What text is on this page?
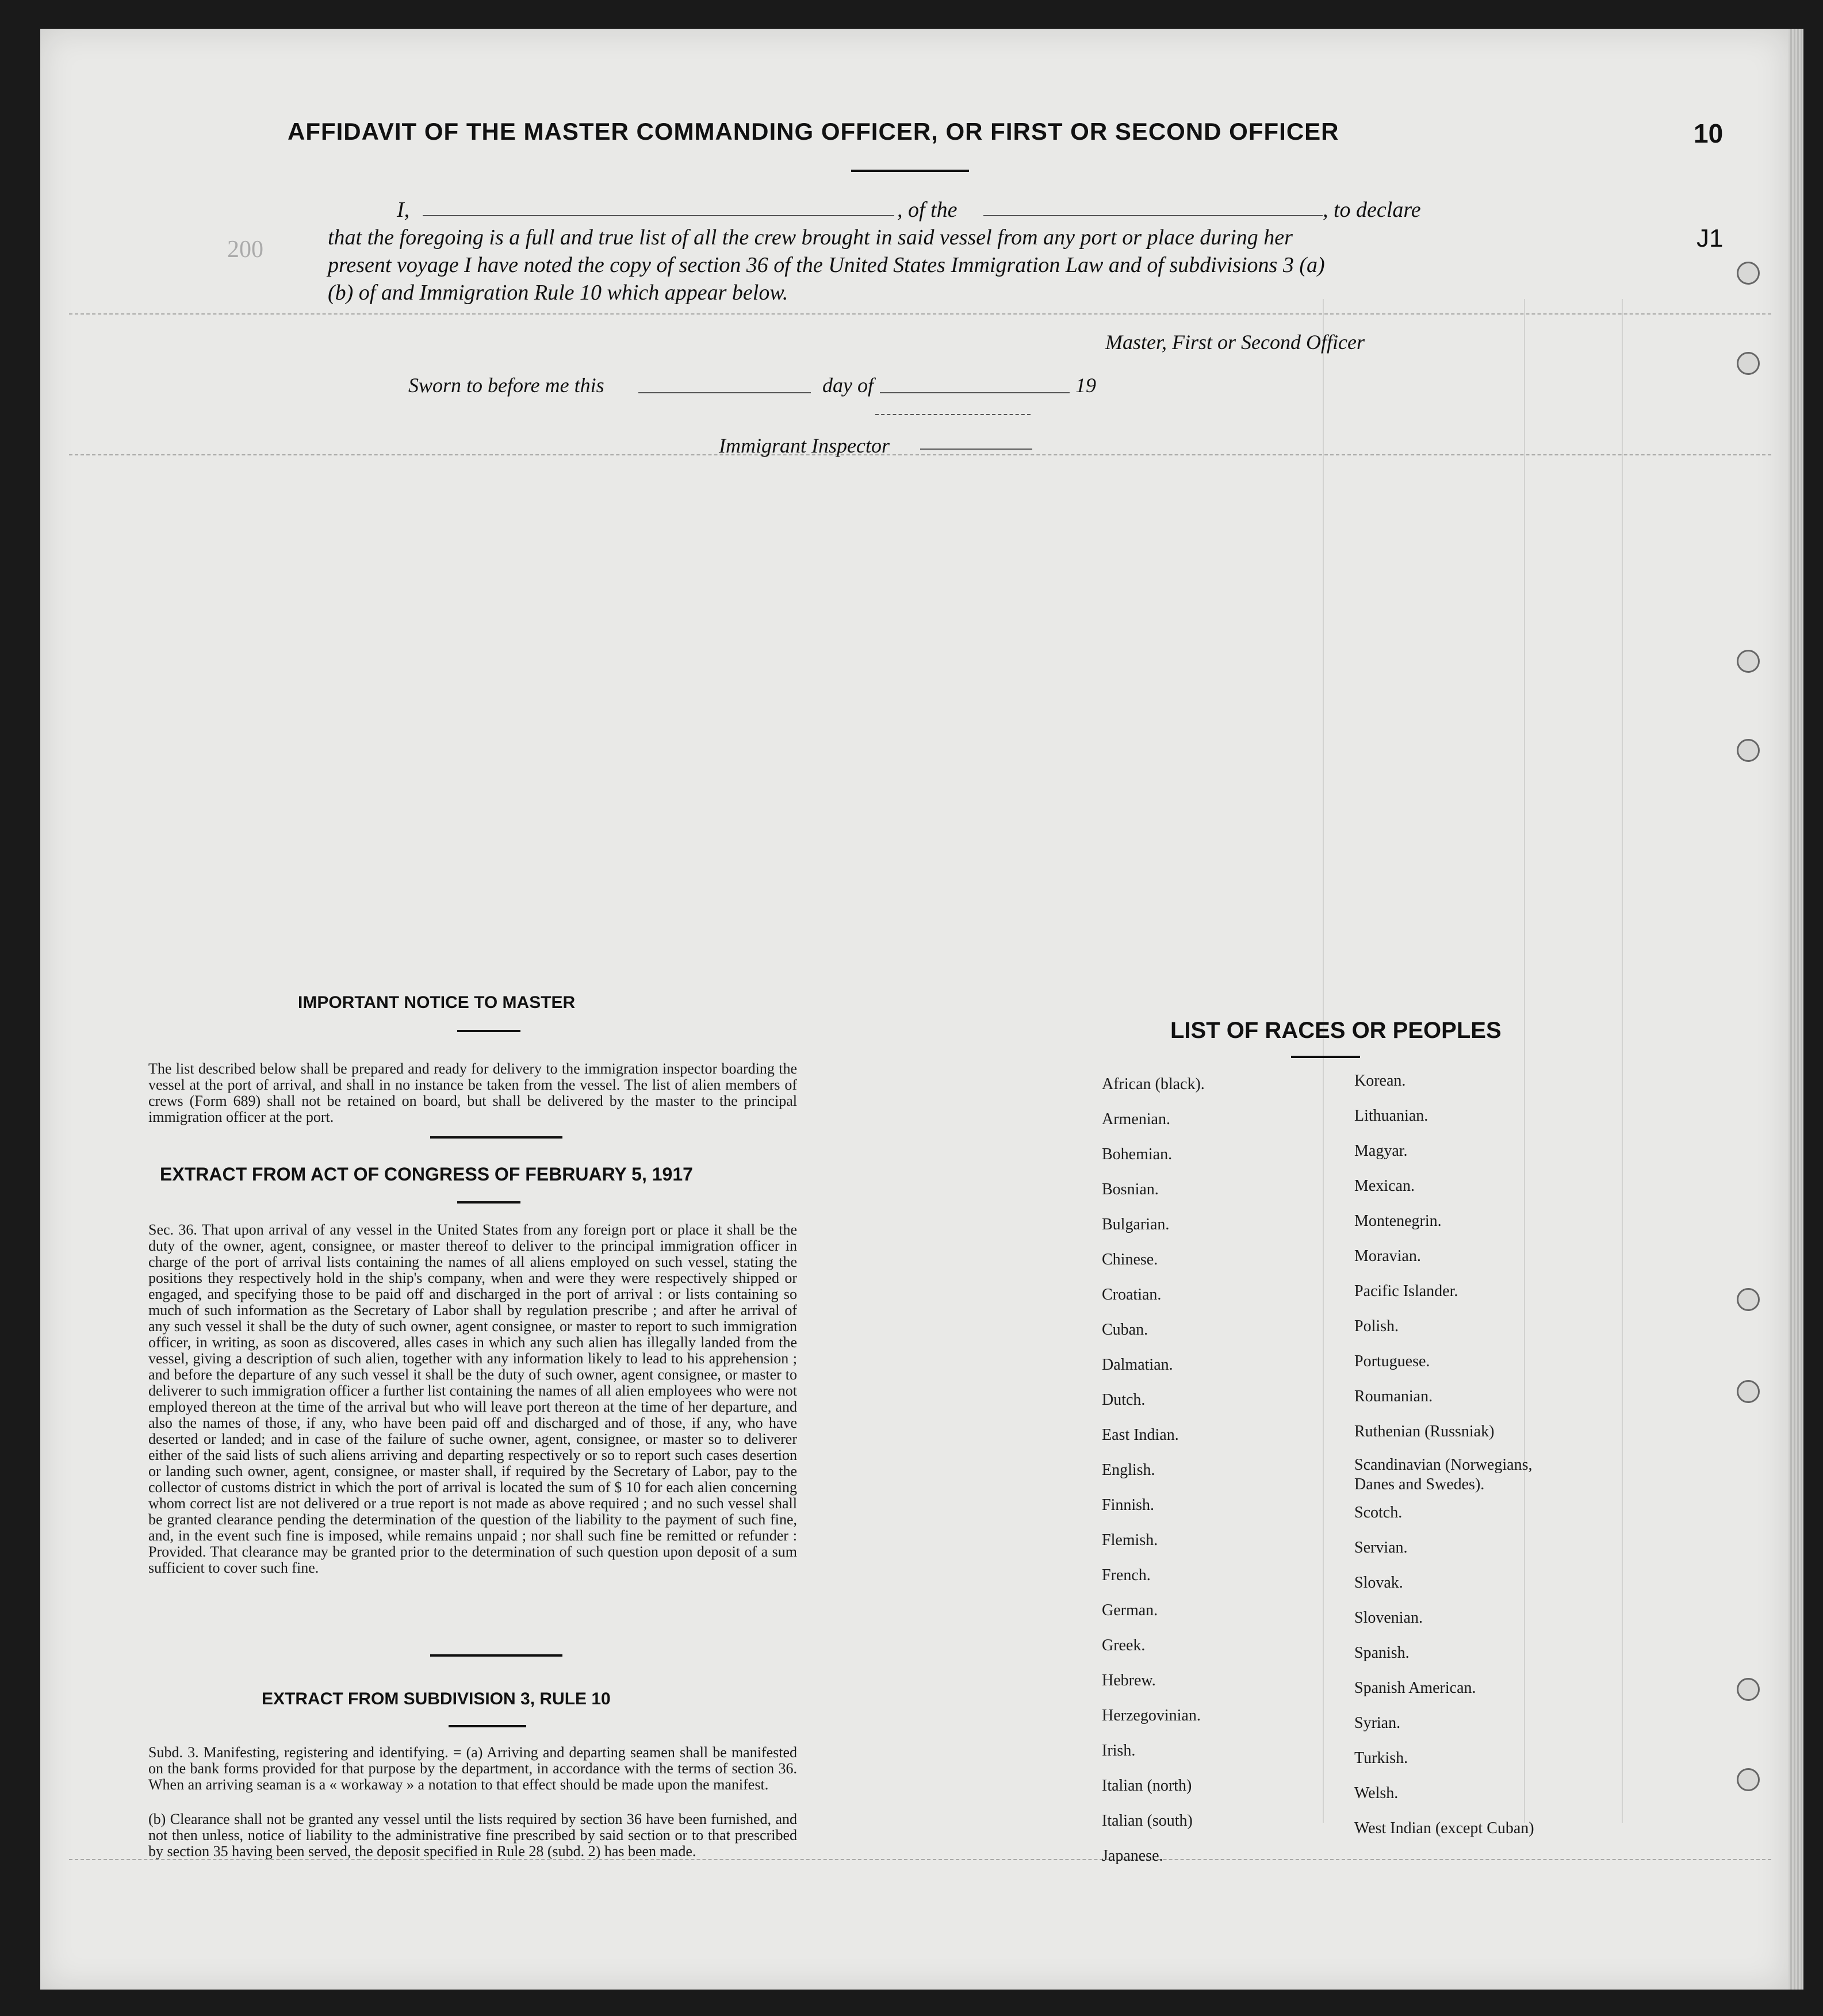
200
10
J1
AFFIDAVIT OF THE MASTER COMMANDING OFFICER, OR FIRST OR SECOND OFFICER
I,	, of the	, to declare
that the foregoing is a full and true list of all the crew brought in said vessel from any port or place during her
present voyage I have noted the copy of section 36 of the United States Immigration Law and of subdivisions 3 (a)
(b) of and Immigration Rule 10 which appear below.
Master, First or Second Officer
Sworn to before me this	day of	19
Immigrant Inspector
IMPORTANT NOTICE TO MASTER
The list described below shall be prepared and ready for delivery to the immigration inspector boarding the vessel at the port of arrival, and shall in no instance be taken from the vessel. The list of alien members of crews (Form 689) shall not be retained on board, but shall be delivered by the master to the principal immigration officer at the port.
EXTRACT FROM ACT OF CONGRESS OF FEBRUARY 5, 1917
Sec. 36. That upon arrival of any vessel in the United States from any foreign port or place it shall be the duty of the owner, agent, consignee, or master thereof to deliver to the principal immigration officer in charge of the port of arrival lists containing the names of all aliens employed on such vessel, stating the positions they respectively hold in the ship's company, when and were they were respectively shipped or engaged, and specifying those to be paid off and discharged in the port of arrival : or lists containing so much of such information as the Secretary of Labor shall by regulation prescribe ; and after he arrival of any such vessel it shall be the duty of such owner, agent consignee, or master to report to such immigration officer, in writing, as soon as discovered, alles cases in which any such alien has illegally landed from the vessel, giving a description of such alien, together with any information likely to lead to his apprehension ; and before the departure of any such vessel it shall be the duty of such owner, agent consignee, or master to deliverer to such immigration officer a further list containing the names of all alien employees who were not employed thereon at the time of the arrival but who will leave port thereon at the time of her departure, and also the names of those, if any, who have been paid off and discharged and of those, if any, who have deserted or landed; and in case of the failure of suche owner, agent, consignee, or master so to deliverer either of the said lists of such aliens arriving and departing respectively or so to report such cases desertion or landing such owner, agent, consignee, or master shall, if required by the Secretary of Labor, pay to the collector of customs district in which the port of arrival is located the sum of $ 10 for each alien concerning whom correct list are not delivered or a true report is not made as above required ; and no such vessel shall be granted clearance pending the determination of the question of the liability to the payment of such fine, and, in the event such fine is imposed, while remains unpaid ; nor shall such fine be remitted or refunder : Provided. That clearance may be granted prior to the determination of such question upon deposit of a sum sufficient to cover such fine.
EXTRACT FROM SUBDIVISION 3, RULE 10
Subd. 3. Manifesting, registering and identifying. = (a) Arriving and departing seamen shall be manifested on the bank forms provided for that purpose by the department, in accordance with the terms of section 36. When an arriving seaman is a « workaway » a notation to that effect should be made upon the manifest.
(b) Clearance shall not be granted any vessel until the lists required by section 36 have been furnished, and not then unless, notice of liability to the administrative fine prescribed by said section or to that prescribed by section 35 having been served, the deposit specified in Rule 28 (subd. 2) has been made.
LIST OF RACES OR PEOPLES
African (black).
Armenian.
Bohemian.
Bosnian.
Bulgarian.
Chinese.
Croatian.
Cuban.
Dalmatian.
Dutch.
East Indian.
English.
Finnish.
Flemish.
French.
German.
Greek.
Hebrew.
Herzegovinian.
Irish.
Italian (north)
Italian (south)
Japanese.
Korean.
Lithuanian.
Magyar.
Mexican.
Montenegrin.
Moravian.
Pacific Islander.
Polish.
Portuguese.
Roumanian.
Ruthenian (Russniak)
Scandinavian (Norwegians, Danes and Swedes).
Scotch.
Servian.
Slovak.
Slovenian.
Spanish.
Spanish American.
Syrian.
Turkish.
Welsh.
West Indian (except Cuban)
